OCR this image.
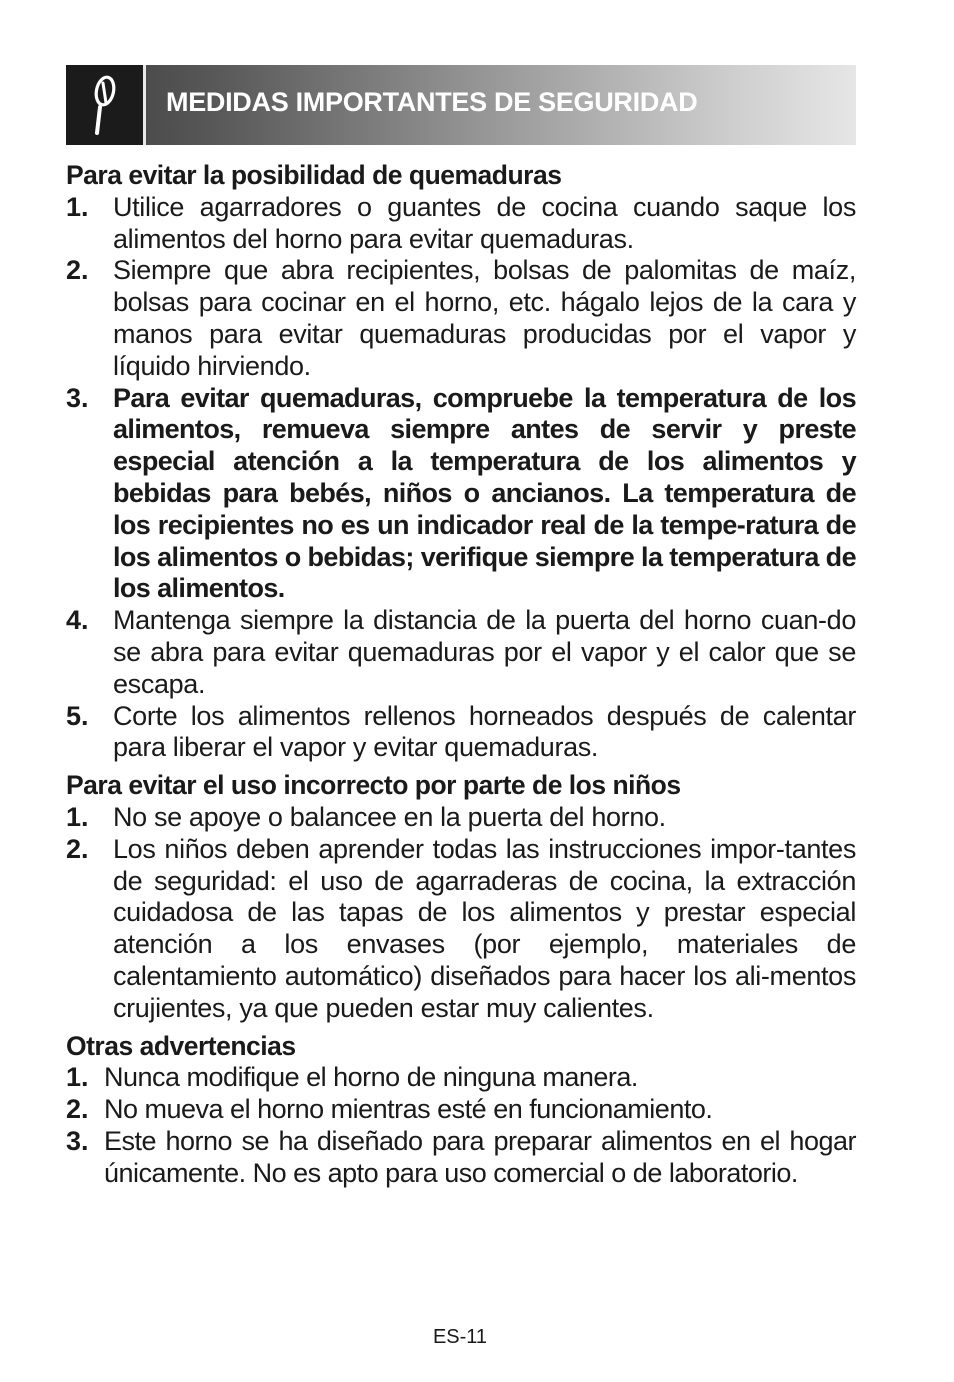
MEDIDAS IMPORTANTES DE SEGURIDAD

Para evitar la posibilidad de quemaduras

1. Utilice agarradores o guantes de cocina cuando saque los alimentos del horno para evitar quemaduras.
2. Siempre que abra recipientes, bolsas de palomitas de maíz, bolsas para cocinar en el horno, etc. hágalo lejos de la cara y manos para evitar quemaduras producidas por el vapor y líquido hirviendo.
3. Para evitar quemaduras, compruebe la temperatura de los alimentos, remueva siempre antes de servir y preste especial atención a la temperatura de los alimentos y bebidas para bebés, niños o ancianos. La temperatura de los recipientes no es un indicador real de la tempe-ratura de los alimentos o bebidas; verifique siempre la temperatura de los alimentos.
4. Mantenga siempre la distancia de la puerta del horno cuan-do se abra para evitar quemaduras por el vapor y el calor que se escapa.
5. Corte los alimentos rellenos horneados después de calentar para liberar el vapor y evitar quemaduras.

Para evitar el uso incorrecto por parte de los niños

1. No se apoye o balancee en la puerta del horno.
2. Los niños deben aprender todas las instrucciones impor-tantes de seguridad: el uso de agarraderas de cocina, la extracción cuidadosa de las tapas de los alimentos y prestar especial atención a los envases (por ejemplo, materiales de calentamiento automático) diseñados para hacer los ali-mentos crujientes, ya que pueden estar muy calientes.

Otras advertencias

1. Nunca modifique el horno de ninguna manera.
2. No mueva el horno mientras esté en funcionamiento.
3. Este horno se ha diseñado para preparar alimentos en el hogar únicamente. No es apto para uso comercial o de laboratorio.
ES-11
